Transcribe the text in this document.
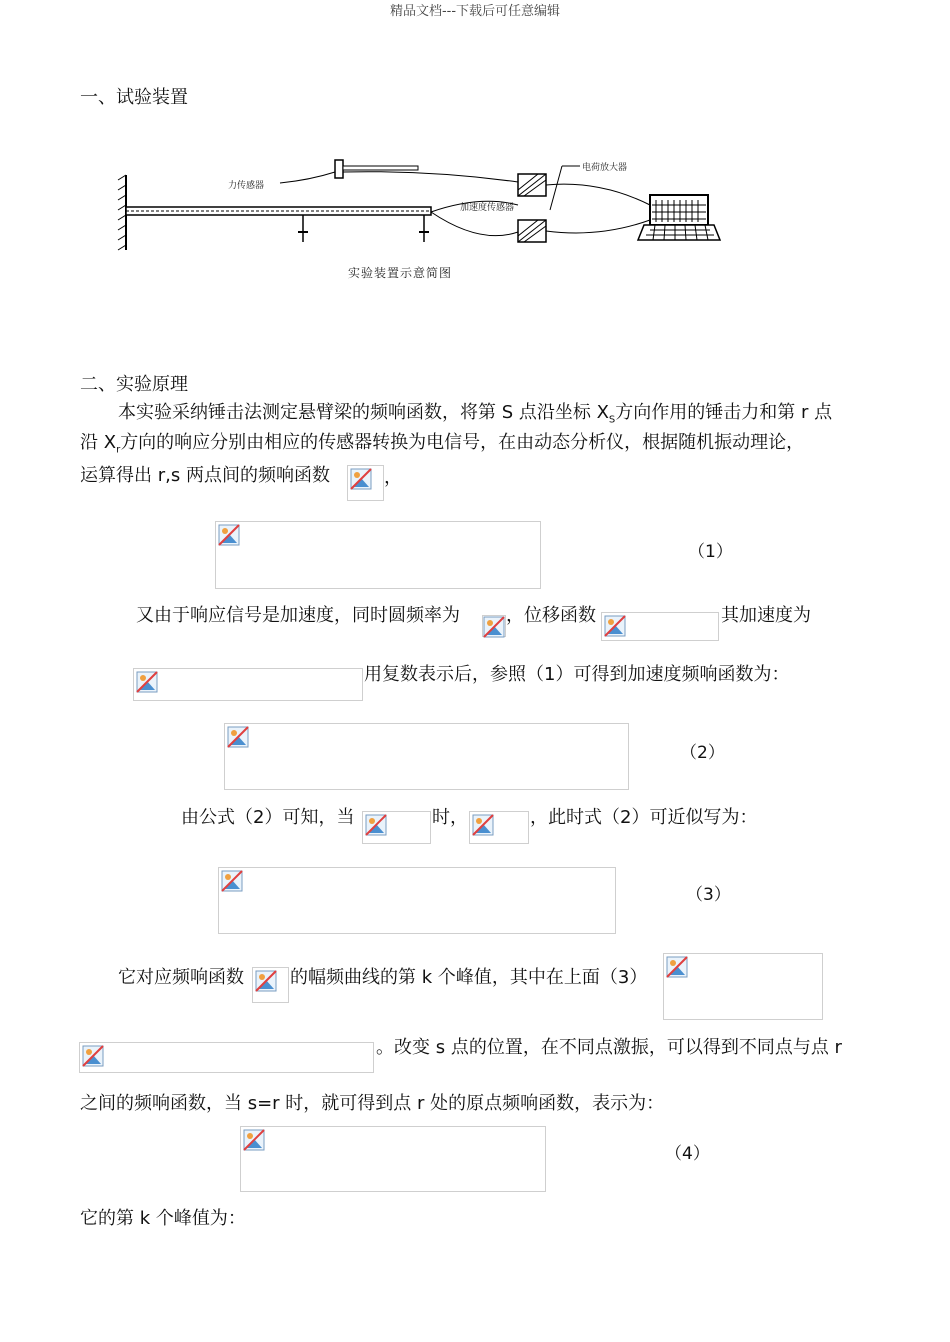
精品文档---下载后可任意编辑
一、试验装置
力传感器
电荷放大器
加速度传感器
实验装置示意简图
二、实验原理
本实验采纳锤击法测定悬臂梁的频响函数，将第 S 点沿坐标 $X_S$方向作用的锤击力和第 r 点
沿 $X_r$方向的响应分别由相应的传感器转换为电信号，在由动态分析仪，根据随机振动理论，
运算得出 r,s 两点间的频响函数	，
（1）
又由于响应信号是加速度，同时圆频率为	，位移函数	其加速度为
用复数表示后，参照（1）可得到加速度频响函数为：
（2）
由公式（2）可知，当	时，	，此时式（2）可近似写为：
（3）
它对应频响函数	的幅频曲线的第 k 个峰值，其中在上面（3）
。改变 s 点的位置，在不同点激振，可以得到不同点与点 r
之间的频响函数，当 s=r 时，就可得到点 r 处的原点频响函数，表示为：
（4）
它的第 k 个峰值为：
